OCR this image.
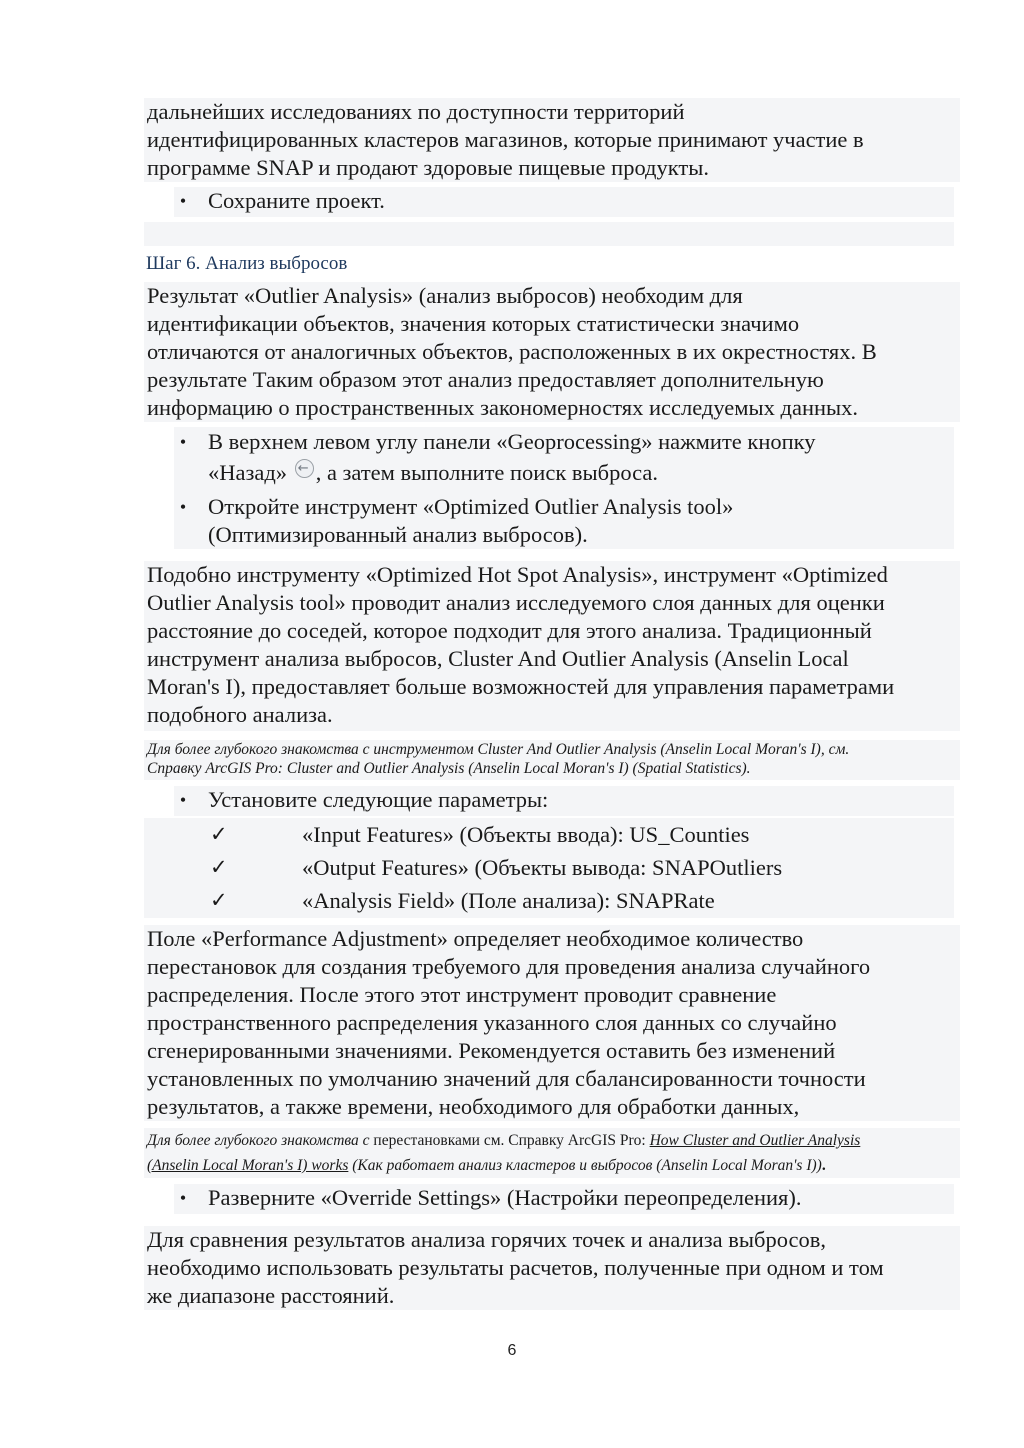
дальнейших исследованиях по доступности территорий
идентифицированных кластеров магазинов, которые принимают участие в
программе SNAP и продают здоровые пищевые продукты.
• Сохраните проект.
Шаг 6. Анализ выбросов
Результат «Outlier Analysis» (анализ выбросов) необходим для
идентификации объектов, значения которых статистически значимо
отличаются от аналогичных объектов, расположенных в их окрестностях. В
результате Таким образом этот анализ предоставляет дополнительную
информацию о пространственных закономерностях исследуемых данных.
• В верхнем левом углу панели «Geoprocessing» нажмите кнопку
«Назад» ← , а затем выполните поиск выброса.
• Откройте инструмент «Optimized Outlier Analysis tool»
(Оптимизированный анализ выбросов).
Подобно инструменту «Optimized Hot Spot Analysis», инструмент «Optimized
Outlier Analysis tool» проводит анализ исследуемого слоя данных для оценки
расстояние до соседей, которое подходит для этого анализа. Традиционный
инструмент анализа выбросов, Cluster And Outlier Analysis (Anselin Local
Moran's I), предоставляет больше возможностей для управления параметрами
подобного анализа.
Для более глубокого знакомства с инструментом Cluster And Outlier Analysis (Anselin Local Moran's I), см.
Справку ArcGIS Pro: Cluster and Outlier Analysis (Anselin Local Moran's I) (Spatial Statistics).
• Установите следующие параметры:
✓	«Input Features» (Объекты ввода): US_Counties
✓	«Output Features» (Объекты вывода: SNAPOutliers
✓	«Analysis Field» (Поле анализа): SNAPRate
Поле «Performance Adjustment» определяет необходимое количество
перестановок для создания требуемого для проведения анализа случайного
распределения. После этого этот инструмент проводит сравнение
пространственного распределения указанного слоя данных со случайно
сгенерированными значениями. Рекомендуется оставить без изменений
установленных по умолчанию значений для сбалансированности точности
результатов, а также времени, необходимого для обработки данных,
Для более глубокого знакомства с перестановками см. Справку ArcGIS Pro: How Cluster and Outlier Analysis
(Anselin Local Moran's I) works (Как работает анализ кластеров и выбросов (Anselin Local Moran's I)).
• Разверните «Override Settings» (Настройки переопределения).
Для сравнения результатов анализа горячих точек и анализа выбросов,
необходимо использовать результаты расчетов, полученные при одном и том
же диапазоне расстояний.
6
